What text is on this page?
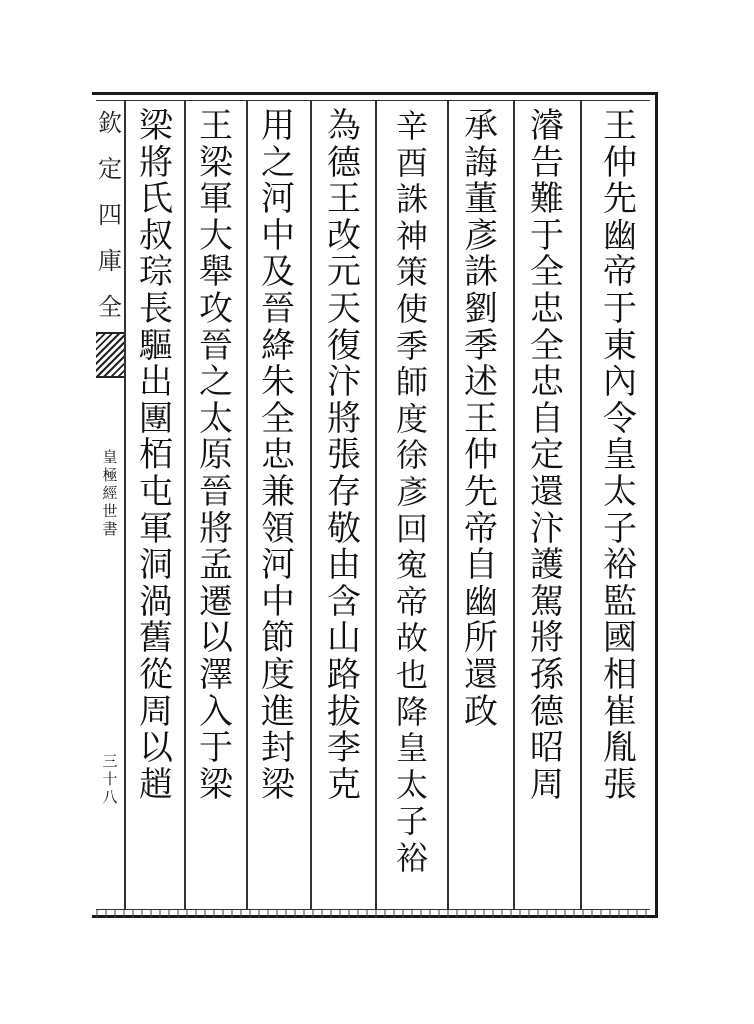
欽
定
四
庫
全
皇
極
經
世
書
三
十
八
王
仲
先
幽
帝
于
東
內
令
皇
太
子
裕
監
國
相
崔
胤
張
濬
告
難
于
全
忠
全
忠
自
定
還
汴
護
駕
將
孫
德
昭
周
承
誨
董
彥
誅
劉
季
述
王
仲
先
帝
自
幽
所
還
政
辛
酉
誅
神
策
使
季
師
度
徐
彥
回
寃
帝
故
也
降
皇
太
子
裕
為
德
王
改
元
天
復
汴
將
張
存
敬
由
含
山
路
拔
李
克
用
之
河
中
及
晉
絳
朱
全
忠
兼
領
河
中
節
度
進
封
梁
王
梁
軍
大
舉
攻
晉
之
太
原
晉
將
孟
遷
以
澤
入
于
梁
梁
將
氏
叔
琮
長
驅
出
團
栢
屯
軍
洞
渦
舊
從
周
以
趙
